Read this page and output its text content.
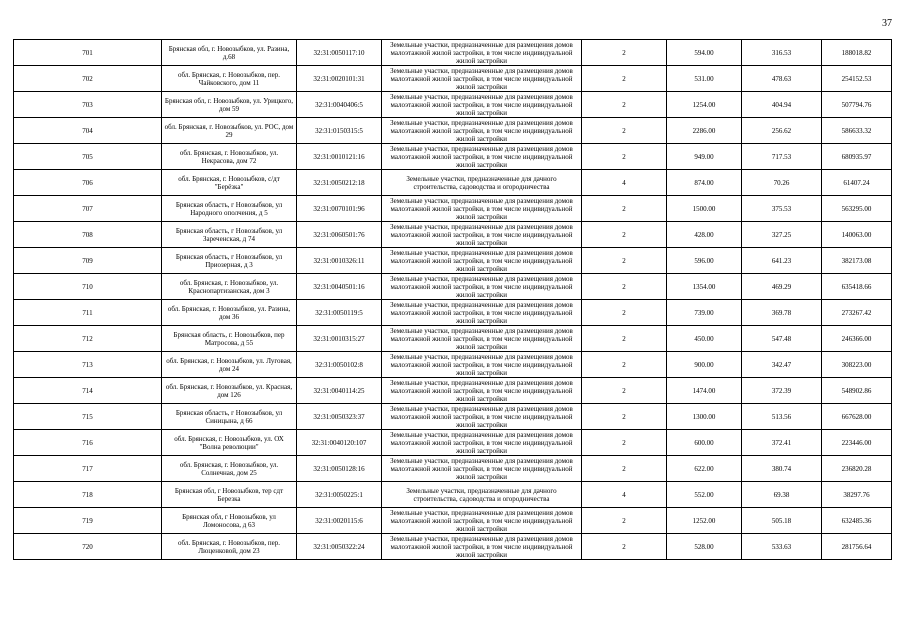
37
701	Брянская обл, г. Новозыбков, ул. Разина, д.68	32:31:0050117:10	Земельные участки, предназначенные для размещения домов малоэтажной жилой застройки, в том числе индивидуальной жилой застройки	2	594.00	316.53	188018.82
702	обл. Брянская, г. Новозыбков, пер. Чайковского, дом 11	32:31:0020101:31	Земельные участки, предназначенные для размещения домов малоэтажной жилой застройки, в том числе индивидуальной жилой застройки	2	531.00	478.63	254152.53
703	Брянская обл, г. Новозыбков, ул. Урицкого, дом 59	32:31:0040406:5	Земельные участки, предназначенные для размещения домов малоэтажной жилой застройки, в том числе индивидуальной жилой застройки	2	1254.00	404.94	507794.76
704	обл. Брянская, г. Новозыбков, ул. РОС, дом 29	32:31:0150315:5	Земельные участки, предназначенные для размещения домов малоэтажной жилой застройки, в том числе индивидуальной жилой застройки	2	2286.00	256.62	586633.32
705	обл. Брянская, г. Новозыбков, ул. Некрасова, дом 72	32:31:0010121:16	Земельные участки, предназначенные для размещения домов малоэтажной жилой застройки, в том числе индивидуальной жилой застройки	2	949.00	717.53	680935.97
706	обл. Брянская, г. Новозыбков, с/дт "Берёзка"	32:31:0050212:18	Земельные участки, предназначенные для дачного строительства, садоводства и огородничества	4	874.00	70.26	61407.24
707	Брянская область, г Новозыбков, ул Народного ополчения, д 5	32:31:0070101:96	Земельные участки, предназначенные для размещения домов малоэтажной жилой застройки, в том числе индивидуальной жилой застройки	2	1500.00	375.53	563295.00
708	Брянская область, г Новозыбков, ул Зареченская, д 74	32:31:0060501:76	Земельные участки, предназначенные для размещения домов малоэтажной жилой застройки, в том числе индивидуальной жилой застройки	2	428.00	327.25	140063.00
709	Брянская область, г Новозыбков, ул Приозерная, д 3	32:31:0010326:11	Земельные участки, предназначенные для размещения домов малоэтажной жилой застройки, в том числе индивидуальной жилой застройки	2	596.00	641.23	382173.08
710	обл. Брянская, г. Новозыбков, ул. Краснопартизанская, дом 3	32:31:0040501:16	Земельные участки, предназначенные для размещения домов малоэтажной жилой застройки, в том числе индивидуальной жилой застройки	2	1354.00	469.29	635418.66
711	обл. Брянская, г. Новозыбков, ул. Разина, дом 36	32:31:0050119:5	Земельные участки, предназначенные для размещения домов малоэтажной жилой застройки, в том числе индивидуальной жилой застройки	2	739.00	369.78	273267.42
712	Брянская область, г. Новозыбков, пер Матросова, д 55	32:31:0010315:27	Земельные участки, предназначенные для размещения домов малоэтажной жилой застройки, в том числе индивидуальной жилой застройки	2	450.00	547.48	246366.00
713	обл. Брянская, г. Новозыбков, ул. Луговая, дом 24	32:31:0050102:8	Земельные участки, предназначенные для размещения домов малоэтажной жилой застройки, в том числе индивидуальной жилой застройки	2	900.00	342.47	308223.00
714	обл. Брянская, г. Новозыбков, ул. Красная, дом 126	32:31:0040114:25	Земельные участки, предназначенные для размещения домов малоэтажной жилой застройки, в том числе индивидуальной жилой застройки	2	1474.00	372.39	548902.86
715	Брянская область, г Новозыбков, ул Синицына, д 66	32:31:0050323:37	Земельные участки, предназначенные для размещения домов малоэтажной жилой застройки, в том числе индивидуальной жилой застройки	2	1300.00	513.56	667628.00
716	обл. Брянская, г. Новозыбков, ул. ОХ "Волна революции"	32:31:0040120:107	Земельные участки, предназначенные для размещения домов малоэтажной жилой застройки, в том числе индивидуальной жилой застройки	2	600.00	372.41	223446.00
717	обл. Брянская, г. Новозыбков, ул. Солнечная, дом 25	32:31:0050128:16	Земельные участки, предназначенные для размещения домов малоэтажной жилой застройки, в том числе индивидуальной жилой застройки	2	622.00	380.74	236820.28
718	Брянская обл, г Новозыбков, тер сдт Березка	32:31:0050225:1	Земельные участки, предназначенные для дачного строительства, садоводства и огородничества	4	552.00	69.38	38297.76
719	Брянская обл, г Новозыбков, ул Ломоносова, д 63	32:31:0020115:6	Земельные участки, предназначенные для размещения домов малоэтажной жилой застройки, в том числе индивидуальной жилой застройки	2	1252.00	505.18	632485.36
720	обл. Брянская, г. Новозыбков, пер. Люценковой, дом 23	32:31:0050322:24	Земельные участки, предназначенные для размещения домов малоэтажной жилой застройки, в том числе индивидуальной жилой застройки	2	528.00	533.63	281756.64
